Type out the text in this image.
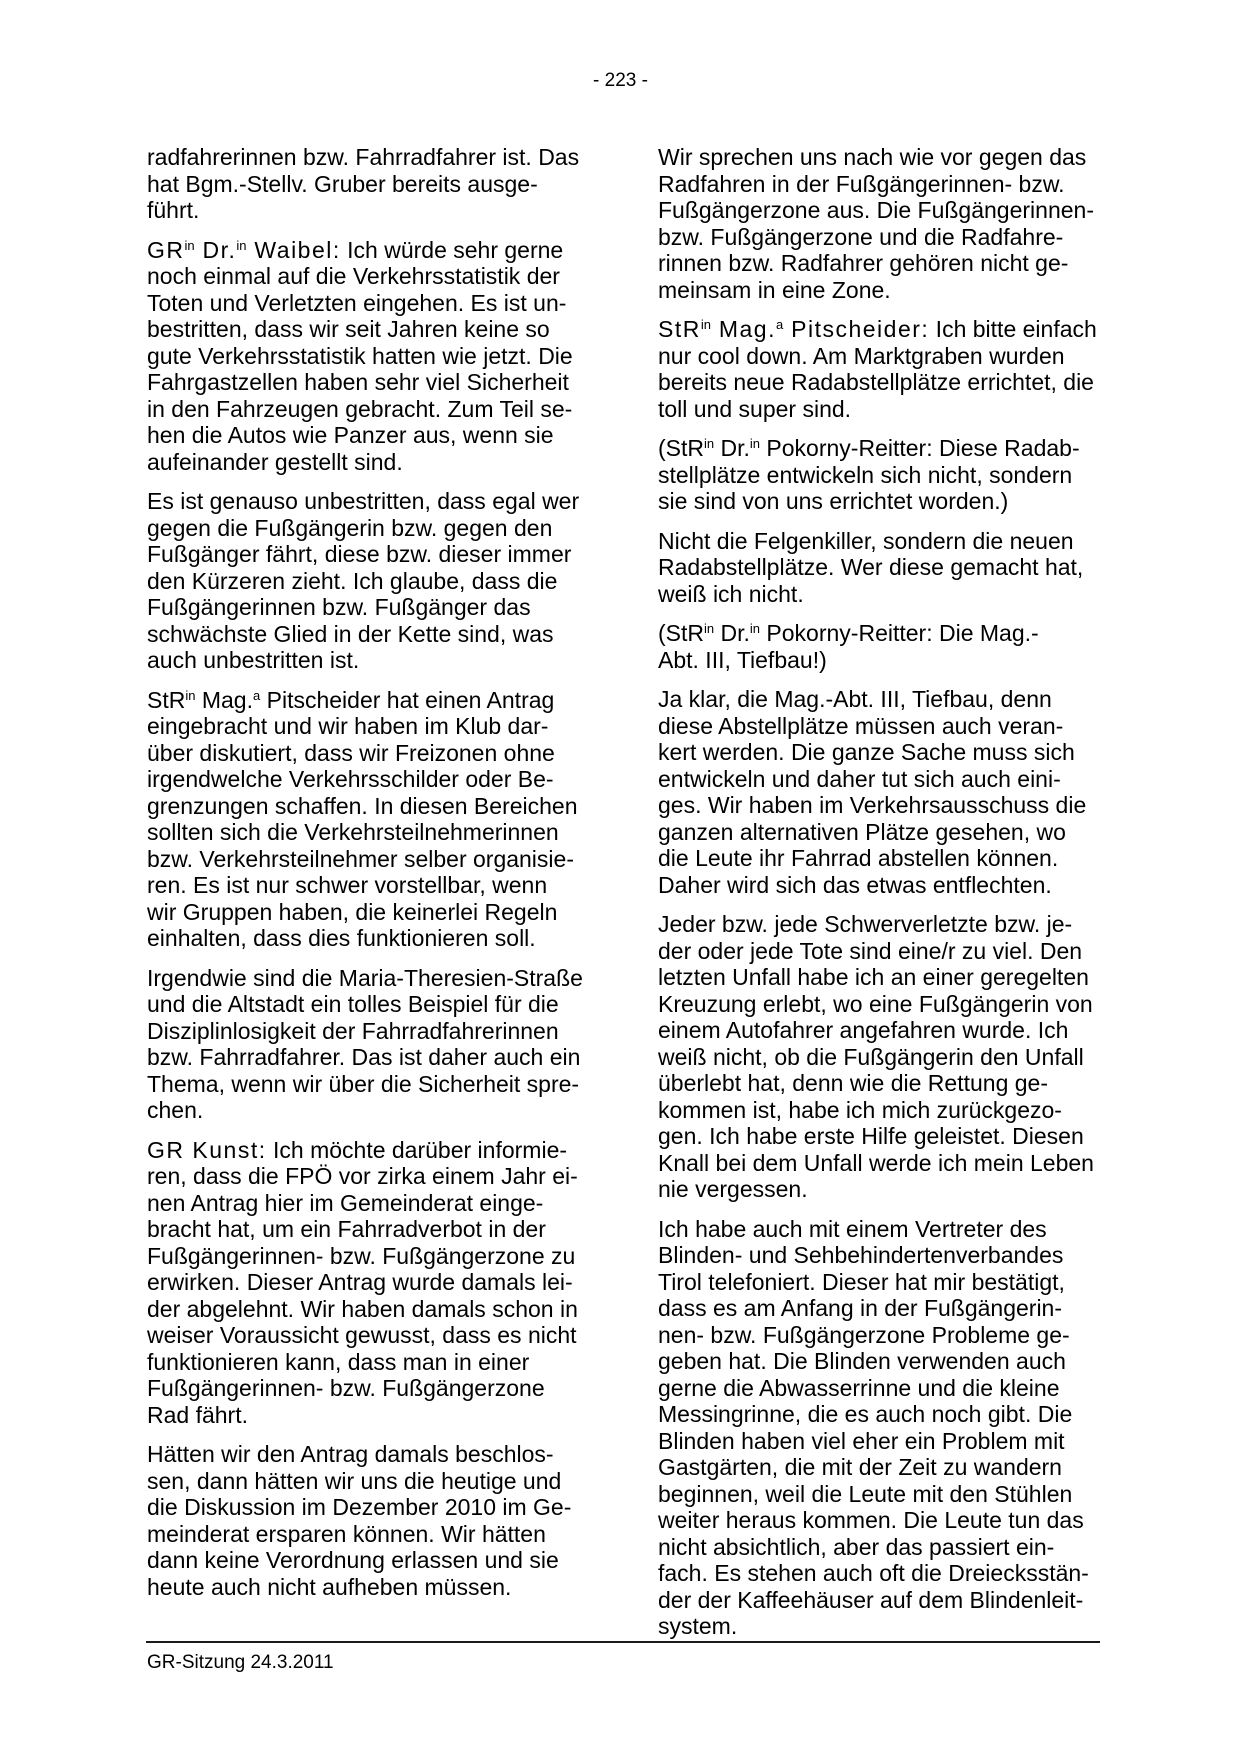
- 223 -

radfahrerinnen bzw. Fahrradfahrer ist. Das
hat Bgm.-Stellv. Gruber bereits ausge-
führt.

$GR^{in}$ Dr.$^{in}$ Waibel: Ich würde sehr gerne
noch einmal auf die Verkehrsstatistik der
Toten und Verletzten eingehen. Es ist un-
bestritten, dass wir seit Jahren keine so
gute Verkehrsstatistik hatten wie jetzt. Die
Fahrgastzellen haben sehr viel Sicherheit
in den Fahrzeugen gebracht. Zum Teil se-
hen die Autos wie Panzer aus, wenn sie
aufeinander gestellt sind.

Es ist genauso unbestritten, dass egal wer
gegen die Fußgängerin bzw. gegen den
Fußgänger fährt, diese bzw. dieser immer
den Kürzeren zieht. Ich glaube, dass die
Fußgängerinnen bzw. Fußgänger das
schwächste Glied in der Kette sind, was
auch unbestritten ist.

StR$^{in}$ Mag.$^a$ Pitscheider hat einen Antrag
eingebracht und wir haben im Klub dar-
über diskutiert, dass wir Freizonen ohne
irgendwelche Verkehrsschilder oder Be-
grenzungen schaffen. In diesen Bereichen
sollten sich die Verkehrsteilnehmerinnen
bzw. Verkehrsteilnehmer selber organisie-
ren. Es ist nur schwer vorstellbar, wenn
wir Gruppen haben, die keinerlei Regeln
einhalten, dass dies funktionieren soll.

Irgendwie sind die Maria-Theresien-Straße
und die Altstadt ein tolles Beispiel für die
Disziplinlosigkeit der Fahrradfahrerinnen
bzw. Fahrradfahrer. Das ist daher auch ein
Thema, wenn wir über die Sicherheit spre-
chen.

GR Kunst: Ich möchte darüber informie-
ren, dass die FPÖ vor zirka einem Jahr ei-
nen Antrag hier im Gemeinderat einge-
bracht hat, um ein Fahrradverbot in der
Fußgängerinnen- bzw. Fußgängerzone zu
erwirken. Dieser Antrag wurde damals lei-
der abgelehnt. Wir haben damals schon in
weiser Voraussicht gewusst, dass es nicht
funktionieren kann, dass man in einer
Fußgängerinnen- bzw. Fußgängerzone
Rad fährt.

Hätten wir den Antrag damals beschlos-
sen, dann hätten wir uns die heutige und
die Diskussion im Dezember 2010 im Ge-
meinderat ersparen können. Wir hätten
dann keine Verordnung erlassen und sie
heute auch nicht aufheben müssen.

Wir sprechen uns nach wie vor gegen das
Radfahren in der Fußgängerinnen- bzw.
Fußgängerzone aus. Die Fußgängerinnen-
bzw. Fußgängerzone und die Radfahre-
rinnen bzw. Radfahrer gehören nicht ge-
meinsam in eine Zone.

StR$^{in}$ Mag.$^a$ Pitscheider: Ich bitte einfach
nur cool down. Am Marktgraben wurden
bereits neue Radabstellplätze errichtet, die
toll und super sind.

(StR$^{in}$ Dr.$^{in}$ Pokorny-Reitter: Diese Radab-
stellplätze entwickeln sich nicht, sondern
sie sind von uns errichtet worden.)

Nicht die Felgenkiller, sondern die neuen
Radabstellplätze. Wer diese gemacht hat,
weiß ich nicht.

(StR$^{in}$ Dr.$^{in}$ Pokorny-Reitter: Die Mag.-
Abt. III, Tiefbau!)

Ja klar, die Mag.-Abt. III, Tiefbau, denn
diese Abstellplätze müssen auch veran-
kert werden. Die ganze Sache muss sich
entwickeln und daher tut sich auch eini-
ges. Wir haben im Verkehrsausschuss die
ganzen alternativen Plätze gesehen, wo
die Leute ihr Fahrrad abstellen können.
Daher wird sich das etwas entflechten.

Jeder bzw. jede Schwerverletzte bzw. je-
der oder jede Tote sind eine/r zu viel. Den
letzten Unfall habe ich an einer geregelten
Kreuzung erlebt, wo eine Fußgängerin von
einem Autofahrer angefahren wurde. Ich
weiß nicht, ob die Fußgängerin den Unfall
überlebt hat, denn wie die Rettung ge-
kommen ist, habe ich mich zurückgezo-
gen. Ich habe erste Hilfe geleistet. Diesen
Knall bei dem Unfall werde ich mein Leben
nie vergessen.

Ich habe auch mit einem Vertreter des
Blinden- und Sehbehindertenverbandes
Tirol telefoniert. Dieser hat mir bestätigt,
dass es am Anfang in der Fußgängerin-
nen- bzw. Fußgängerzone Probleme ge-
geben hat. Die Blinden verwenden auch
gerne die Abwasserrinne und die kleine
Messingrinne, die es auch noch gibt. Die
Blinden haben viel eher ein Problem mit
Gastgärten, die mit der Zeit zu wandern
beginnen, weil die Leute mit den Stühlen
weiter heraus kommen. Die Leute tun das
nicht absichtlich, aber das passiert ein-
fach. Es stehen auch oft die Dreiecksstän-
der der Kaffeehäuser auf dem Blindenleit-
system.

GR-Sitzung 24.3.2011
